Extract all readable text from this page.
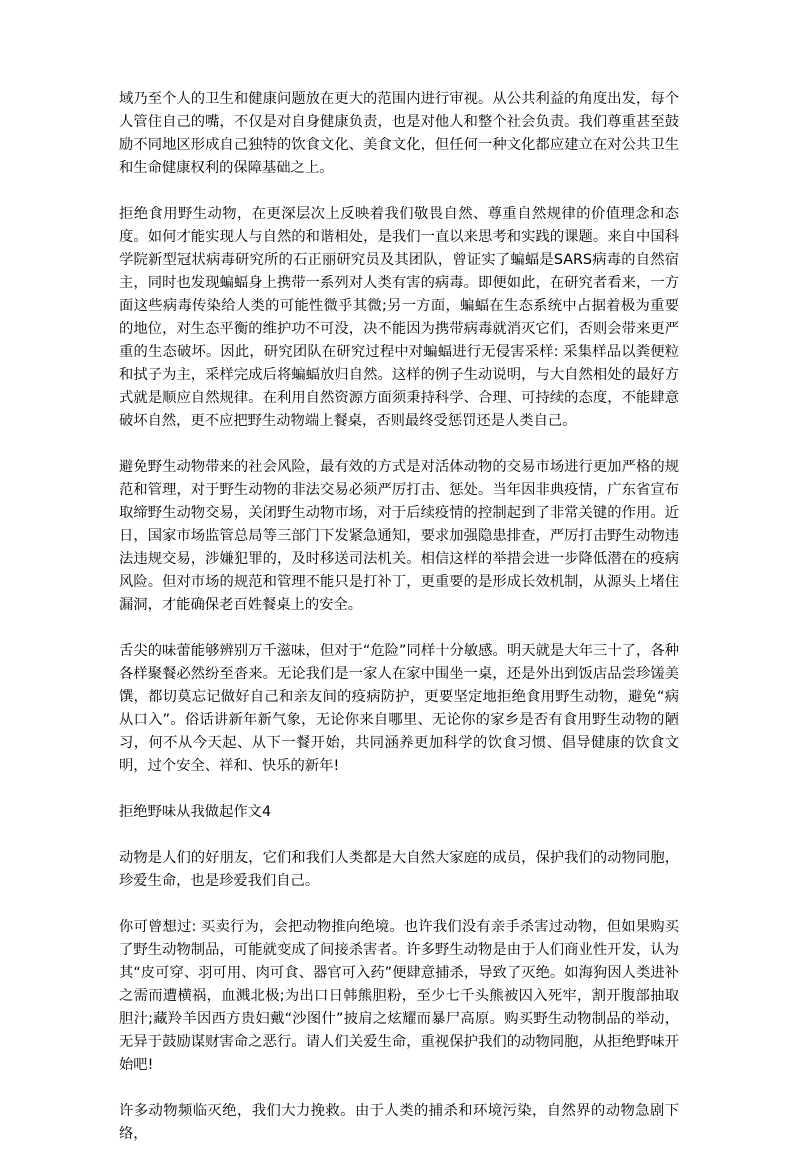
域乃至个人的卫生和健康问题放在更大的范围内进行审视。从公共利益的角度出发，每个人管住自己的嘴，不仅是对自身健康负责，也是对他人和整个社会负责。我们尊重甚至鼓励不同地区形成自己独特的饮食文化、美食文化，但任何一种文化都应建立在对公共卫生和生命健康权利的保障基础之上。

拒绝食用野生动物，在更深层次上反映着我们敬畏自然、尊重自然规律的价值理念和态度。如何才能实现人与自然的和谐相处，是我们一直以来思考和实践的课题。来自中国科学院新型冠状病毒研究所的石正丽研究员及其团队，曾证实了蝙蝠是SARS病毒的自然宿主，同时也发现蝙蝠身上携带一系列对人类有害的病毒。即便如此，在研究者看来，一方面这些病毒传染给人类的可能性微乎其微;另一方面，蝙蝠在生态系统中占据着极为重要的地位，对生态平衡的维护功不可没，决不能因为携带病毒就消灭它们，否则会带来更严重的生态破坏。因此，研究团队在研究过程中对蝙蝠进行无侵害采样: 采集样品以粪便粒和拭子为主，采样完成后将蝙蝠放归自然。这样的例子生动说明，与大自然相处的最好方式就是顺应自然规律。在利用自然资源方面须秉持科学、合理、可持续的态度，不能肆意破坏自然，更不应把野生动物端上餐桌，否则最终受惩罚还是人类自己。

避免野生动物带来的社会风险，最有效的方式是对活体动物的交易市场进行更加严格的规范和管理，对于野生动物的非法交易必须严厉打击、惩处。当年因非典疫情，广东省宣布取缔野生动物交易，关闭野生动物市场，对于后续疫情的控制起到了非常关键的作用。近日，国家市场监管总局等三部门下发紧急通知，要求加强隐患排查，严厉打击野生动物违法违规交易，涉嫌犯罪的，及时移送司法机关。相信这样的举措会进一步降低潜在的疫病风险。但对市场的规范和管理不能只是打补丁，更重要的是形成长效机制，从源头上堵住漏洞，才能确保老百姓餐桌上的安全。

舌尖的味蕾能够辨别万千滋味，但对于“危险”同样十分敏感。明天就是大年三十了，各种各样聚餐必然纷至沓来。无论我们是一家人在家中围坐一桌，还是外出到饭店品尝珍馐美馔，都切莫忘记做好自己和亲友间的疫病防护，更要坚定地拒绝食用野生动物，避免“病从口入”。俗话讲新年新气象，无论你来自哪里、无论你的家乡是否有食用野生动物的陋习，何不从今天起、从下一餐开始，共同涵养更加科学的饮食习惯、倡导健康的饮食文明，过个安全、祥和、快乐的新年!

拒绝野味从我做起作文4

动物是人们的好朋友，它们和我们人类都是大自然大家庭的成员，保护我们的动物同胞，珍爱生命，也是珍爱我们自己。

你可曾想过: 买卖行为，会把动物推向绝境。也许我们没有亲手杀害过动物，但如果购买了野生动物制品，可能就变成了间接杀害者。许多野生动物是由于人们商业性开发，认为其“皮可穿、羽可用、肉可食、器官可入药”便肆意捕杀，导致了灭绝。如海狗因人类进补之需而遭横祸，血溅北极;为出口日韩熊胆粉，至少七千头熊被囚入死牢，割开腹部抽取胆汁;藏羚羊因西方贵妇戴“沙图什”披肩之炫耀而暴尸高原。购买野生动物制品的举动，无异于鼓励谋财害命之恶行。请人们关爱生命，重视保护我们的动物同胞，从拒绝野味开始吧!

许多动物频临灭绝，我们大力挽救。由于人类的捕杀和环境污染，自然界的动物急剧下络，
